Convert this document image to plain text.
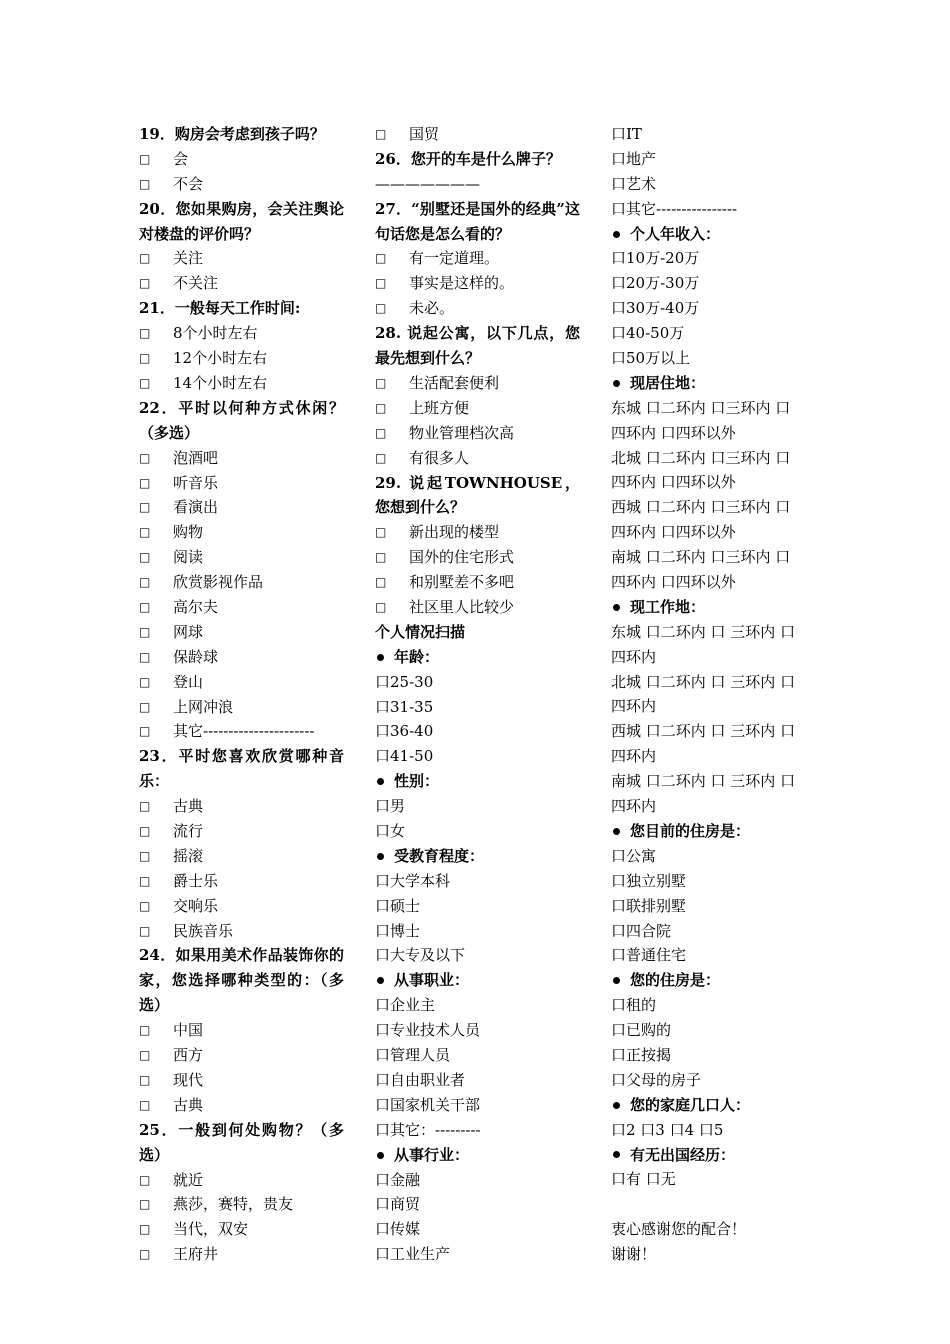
19．购房会考虑到孩子吗？
□	会
□	不会
20．您如果购房，会关注舆论对楼盘的评价吗？
□	关注
□	不关注
21．一般每天工作时间:
□	8个小时左右
□	12个小时左右
□	14个小时左右
22．平时以何种方式休闲？（多选）
□	泡酒吧
□	听音乐
□	看演出
□	购物
□	阅读
□	欣赏影视作品
□	高尔夫
□	网球
□	保龄球
□	登山
□	上网冲浪
□	其它----------------------
23．平时您喜欢欣赏哪种音乐：
□	古典
□	流行
□	摇滚
□	爵士乐
□	交响乐
□	民族音乐
24．如果用美术作品装饰你的家，您选择哪种类型的：（多选）
□	中国
□	西方
□	现代
□	古典
25．一般到何处购物？（多选）
□	就近
□	燕莎，赛特，贵友
□	当代，双安
□	王府井
□	国贸
26．您开的车是什么牌子？
———————
27．“别墅还是国外的经典”这句话您是怎么看的？
□	有一定道理。
□	事实是这样的。
□	未必。
28. 说起公寓，以下几点，您最先想到什么？
□	生活配套便利
□	上班方便
□	物业管理档次高
□	有很多人
29. 说起TOWNHOUSE，您想到什么？
□	新出现的楼型
□	国外的住宅形式
□	和别墅差不多吧
□	社区里人比较少
个人情况扫描
年龄：
口25-30
口31-35
口36-40
口41-50
性别：
口男
口女
受教育程度：
口大学本科
口硕士
口博士
口大专及以下
从事职业：
口企业主
口专业技术人员
口管理人员
口自由职业者
口国家机关干部
口其它：---------
从事行业：
口金融
口商贸
口传媒
口工业生产
口IT
口地产
口艺术
口其它----------------
个人年收入：
口10万-20万
口20万-30万
口30万-40万
口40-50万
口50万以上
现居住地：
东城 口二环内 口三环内 口
四环内 口四环以外
北城 口二环内 口三环内 口
四环内 口四环以外
西城 口二环内 口三环内 口
四环内 口四环以外
南城 口二环内 口三环内 口
四环内 口四环以外
现工作地：
东城 口二环内 口 三环内 口
四环内
北城 口二环内 口 三环内 口
四环内
西城 口二环内 口 三环内 口
四环内
南城 口二环内 口 三环内 口
四环内
您目前的住房是：
口公寓
口独立别墅
口联排别墅
口四合院
口普通住宅
您的住房是：
口租的
口已购的
口正按揭
口父母的房子
您的家庭几口人：
口2 口3 口4 口5
有无出国经历：
口有 口无
衷心感谢您的配合！
谢谢！
